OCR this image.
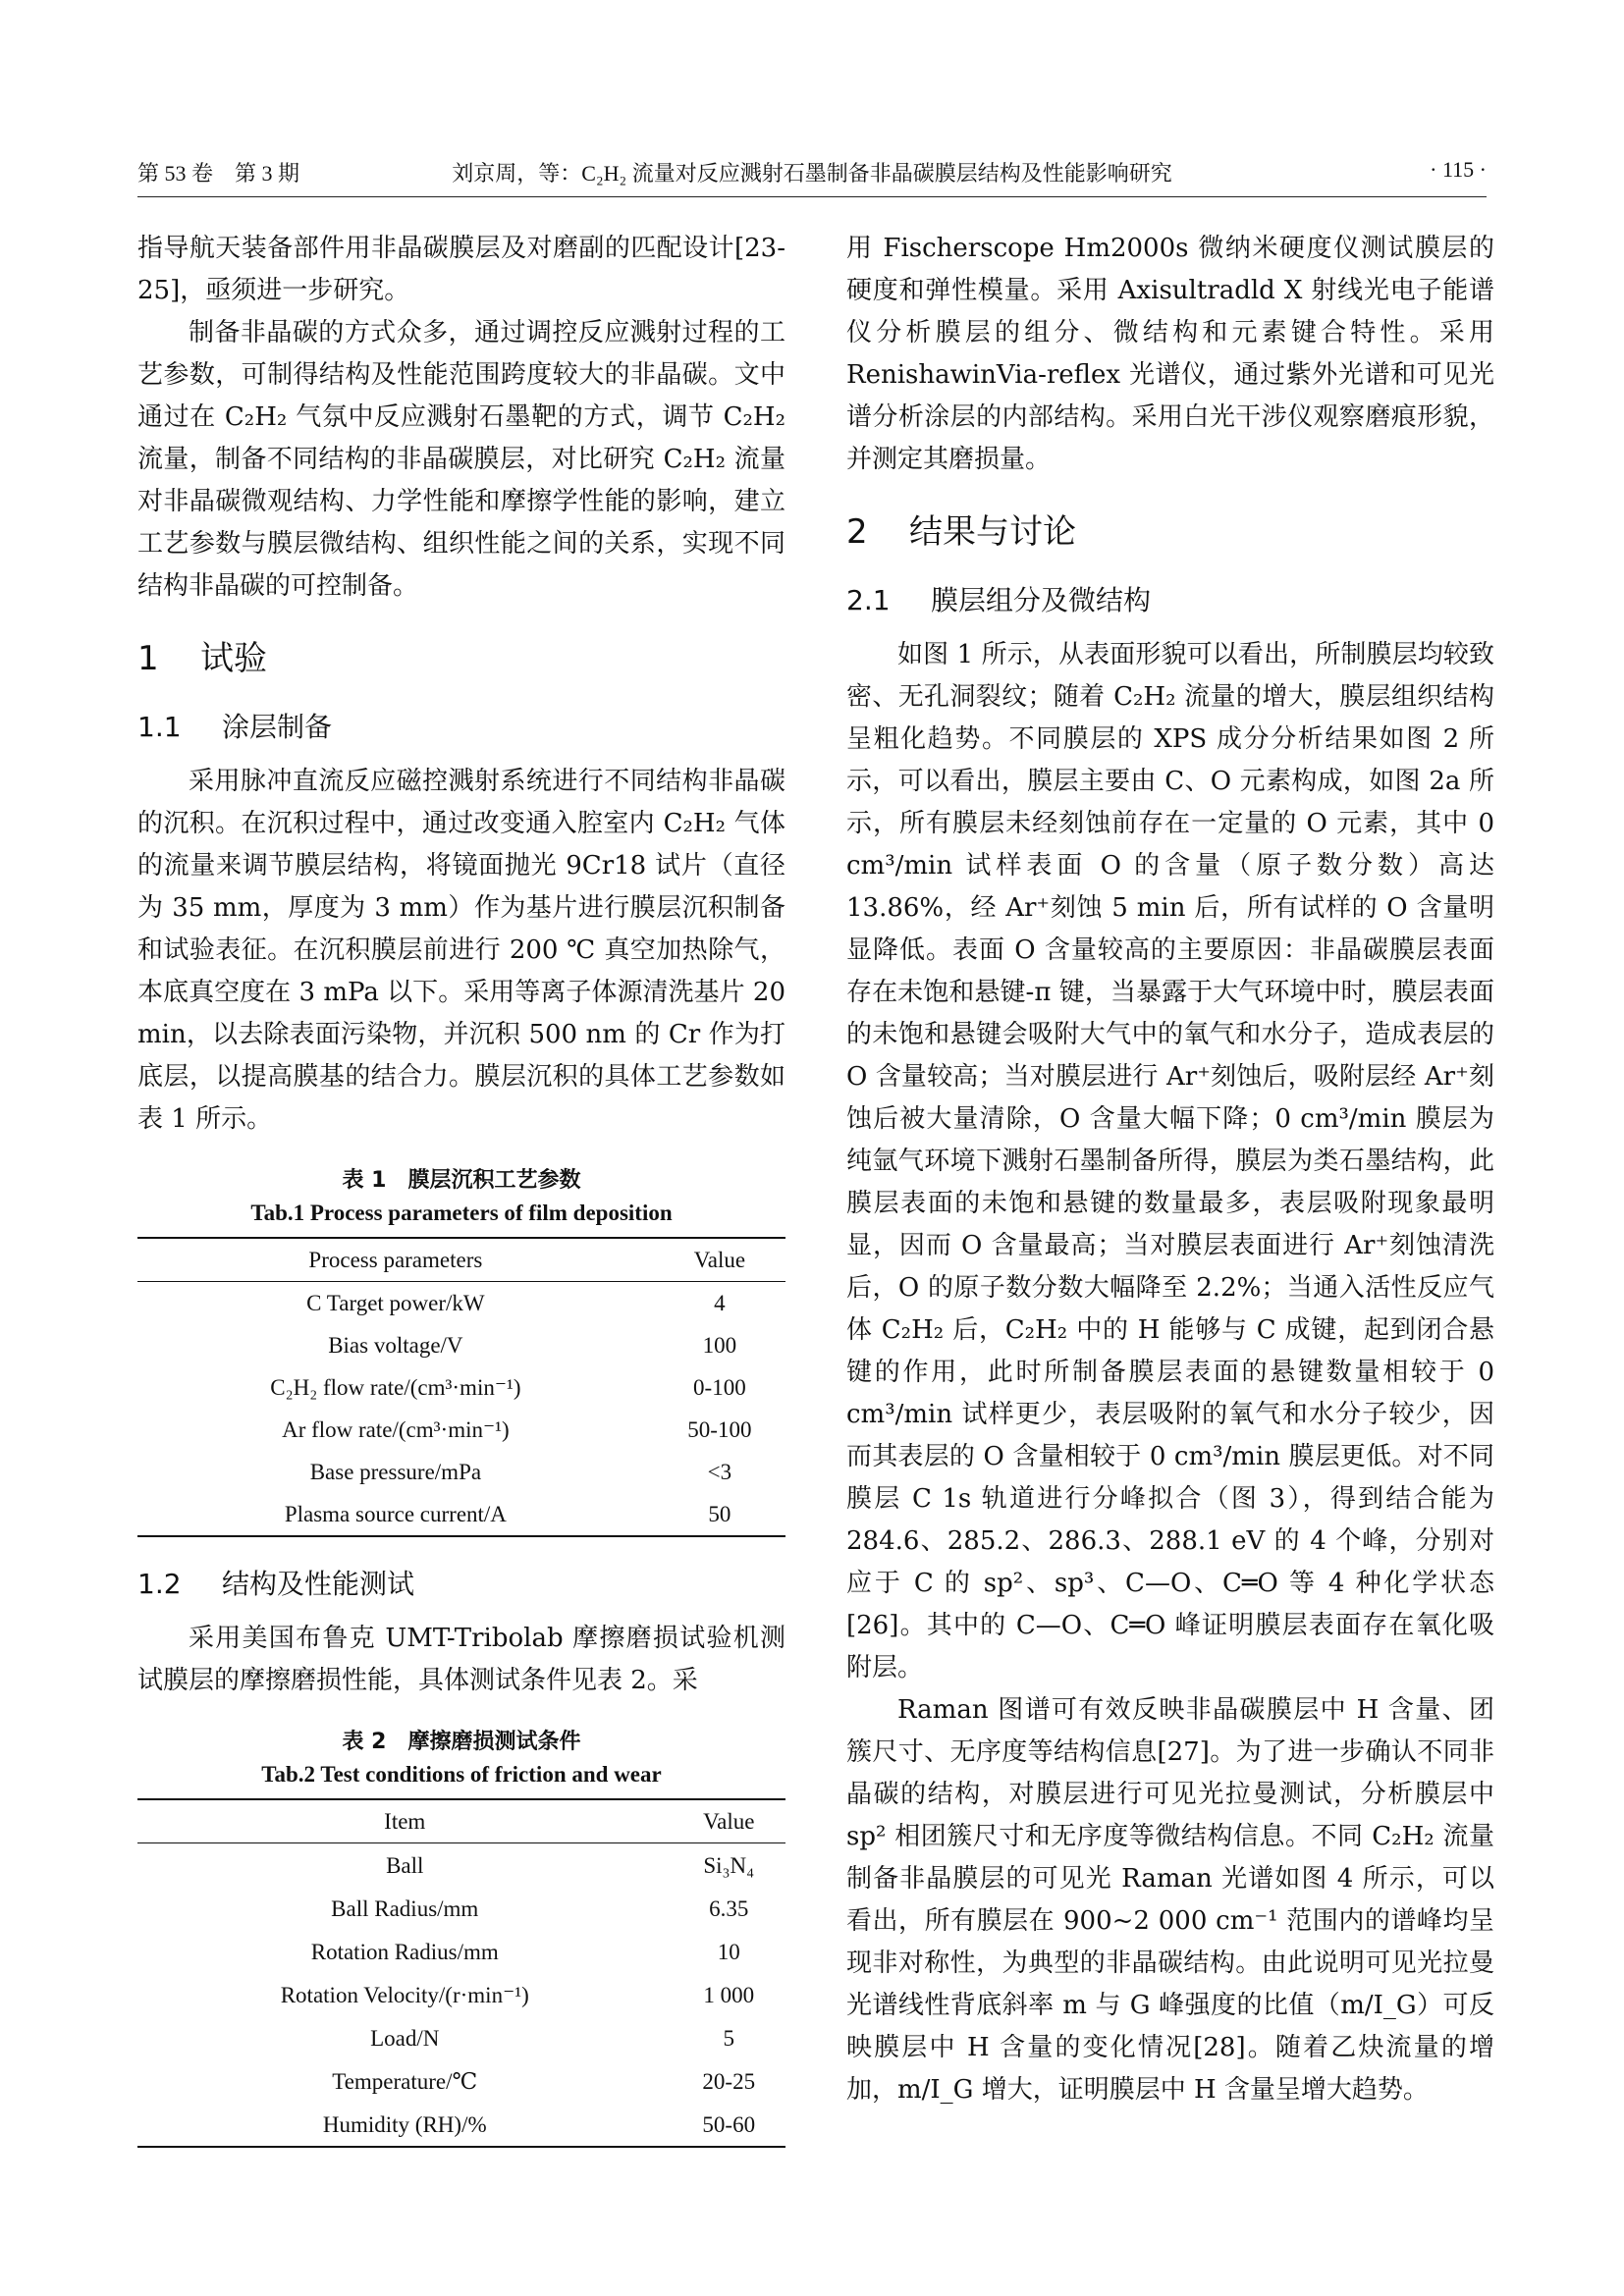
第 53 卷　第 3 期	刘京周，等：C₂H₂ 流量对反应溅射石墨制备非晶碳膜层结构及性能影响研究	· 115 ·

指导航天装备部件用非晶碳膜层及对磨副的匹配设计[23-25]，亟须进一步研究。

制备非晶碳的方式众多，通过调控反应溅射过程的工艺参数，可制得结构及性能范围跨度较大的非晶碳。文中通过在 C₂H₂ 气氛中反应溅射石墨靶的方式，调节 C₂H₂ 流量，制备不同结构的非晶碳膜层，对比研究 C₂H₂ 流量对非晶碳微观结构、力学性能和摩擦学性能的影响，建立工艺参数与膜层微结构、组织性能之间的关系，实现不同结构非晶碳的可控制备。

1 试验
1.1 涂层制备

采用脉冲直流反应磁控溅射系统进行不同结构非晶碳的沉积。在沉积过程中，通过改变通入腔室内 C₂H₂ 气体的流量来调节膜层结构，将镜面抛光 9Cr18 试片（直径为 35 mm，厚度为 3 mm）作为基片进行膜层沉积制备和试验表征。在沉积膜层前进行 200 ℃ 真空加热除气，本底真空度在 3 mPa 以下。采用等离子体源清洗基片 20 min，以去除表面污染物，并沉积 500 nm 的 Cr 作为打底层，以提高膜基的结合力。膜层沉积的具体工艺参数如表 1 所示。

表 1　膜层沉积工艺参数
Tab.1 Process parameters of film deposition
Process parameters	Value
C Target power/kW	4
Bias voltage/V	100
C₂H₂ flow rate/(cm³·min⁻¹)	0-100
Ar flow rate/(cm³·min⁻¹)	50-100
Base pressure/mPa	<3
Plasma source current/A	50
1.2 结构及性能测试

采用美国布鲁克 UMT-Tribolab 摩擦磨损试验机测试膜层的摩擦磨损性能，具体测试条件见表 2。采

表 2　摩擦磨损测试条件
Tab.2 Test conditions of friction and wear
Item	Value
Ball	Si₃N₄
Ball Radius/mm	6.35
Rotation Radius/mm	10
Rotation Velocity/(r·min⁻¹)	1 000
Load/N	5
Temperature/℃	20-25
Humidity (RH)/%	50-60

用 Fischerscope Hm2000s 微纳米硬度仪测试膜层的硬度和弹性模量。采用 Axisultradld X 射线光电子能谱仪分析膜层的组分、微结构和元素键合特性。采用 RenishawinVia-reflex 光谱仪，通过紫外光谱和可见光谱分析涂层的内部结构。采用白光干涉仪观察磨痕形貌，并测定其磨损量。

2 结果与讨论
2.1 膜层组分及微结构

如图 1 所示，从表面形貌可以看出，所制膜层均较致密、无孔洞裂纹；随着 C₂H₂ 流量的增大，膜层组织结构呈粗化趋势。不同膜层的 XPS 成分分析结果如图 2 所示，可以看出，膜层主要由 C、O 元素构成，如图 2a 所示，所有膜层未经刻蚀前存在一定量的 O 元素，其中 0 cm³/min 试样表面 O 的含量（原子数分数）高达 13.86%，经 Ar⁺刻蚀 5 min 后，所有试样的 O 含量明显降低。表面 O 含量较高的主要原因：非晶碳膜层表面存在未饱和悬键-π 键，当暴露于大气环境中时，膜层表面的未饱和悬键会吸附大气中的氧气和水分子，造成表层的 O 含量较高；当对膜层进行 Ar⁺刻蚀后，吸附层经 Ar⁺刻蚀后被大量清除，O 含量大幅下降；0 cm³/min 膜层为纯氩气环境下溅射石墨制备所得，膜层为类石墨结构，此膜层表面的未饱和悬键的数量最多，表层吸附现象最明显，因而 O 含量最高；当对膜层表面进行 Ar⁺刻蚀清洗后，O 的原子数分数大幅降至 2.2%；当通入活性反应气体 C₂H₂ 后，C₂H₂ 中的 H 能够与 C 成键，起到闭合悬键的作用，此时所制备膜层表面的悬键数量相较于 0 cm³/min 试样更少，表层吸附的氧气和水分子较少，因而其表层的 O 含量相较于 0 cm³/min 膜层更低。对不同膜层 C 1s 轨道进行分峰拟合（图 3），得到结合能为 284.6、285.2、286.3、288.1 eV 的 4 个峰，分别对应于 C 的 sp²、sp³、C—O、C═O 等 4 种化学状态[26]。其中的 C—O、C═O 峰证明膜层表面存在氧化吸附层。

Raman 图谱可有效反映非晶碳膜层中 H 含量、团簇尺寸、无序度等结构信息[27]。为了进一步确认不同非晶碳的结构，对膜层进行可见光拉曼测试，分析膜层中 sp² 相团簇尺寸和无序度等微结构信息。不同 C₂H₂ 流量制备非晶膜层的可见光 Raman 光谱如图 4 所示，可以看出，所有膜层在 900~2 000 cm⁻¹ 范围内的谱峰均呈现非对称性，为典型的非晶碳结构。由此说明可见光拉曼光谱线性背底斜率 m 与 G 峰强度的比值（m/I_G）可反映膜层中 H 含量的变化情况[28]。随着乙炔流量的增加，m/I_G 增大，证明膜层中 H 含量呈增大趋势。
